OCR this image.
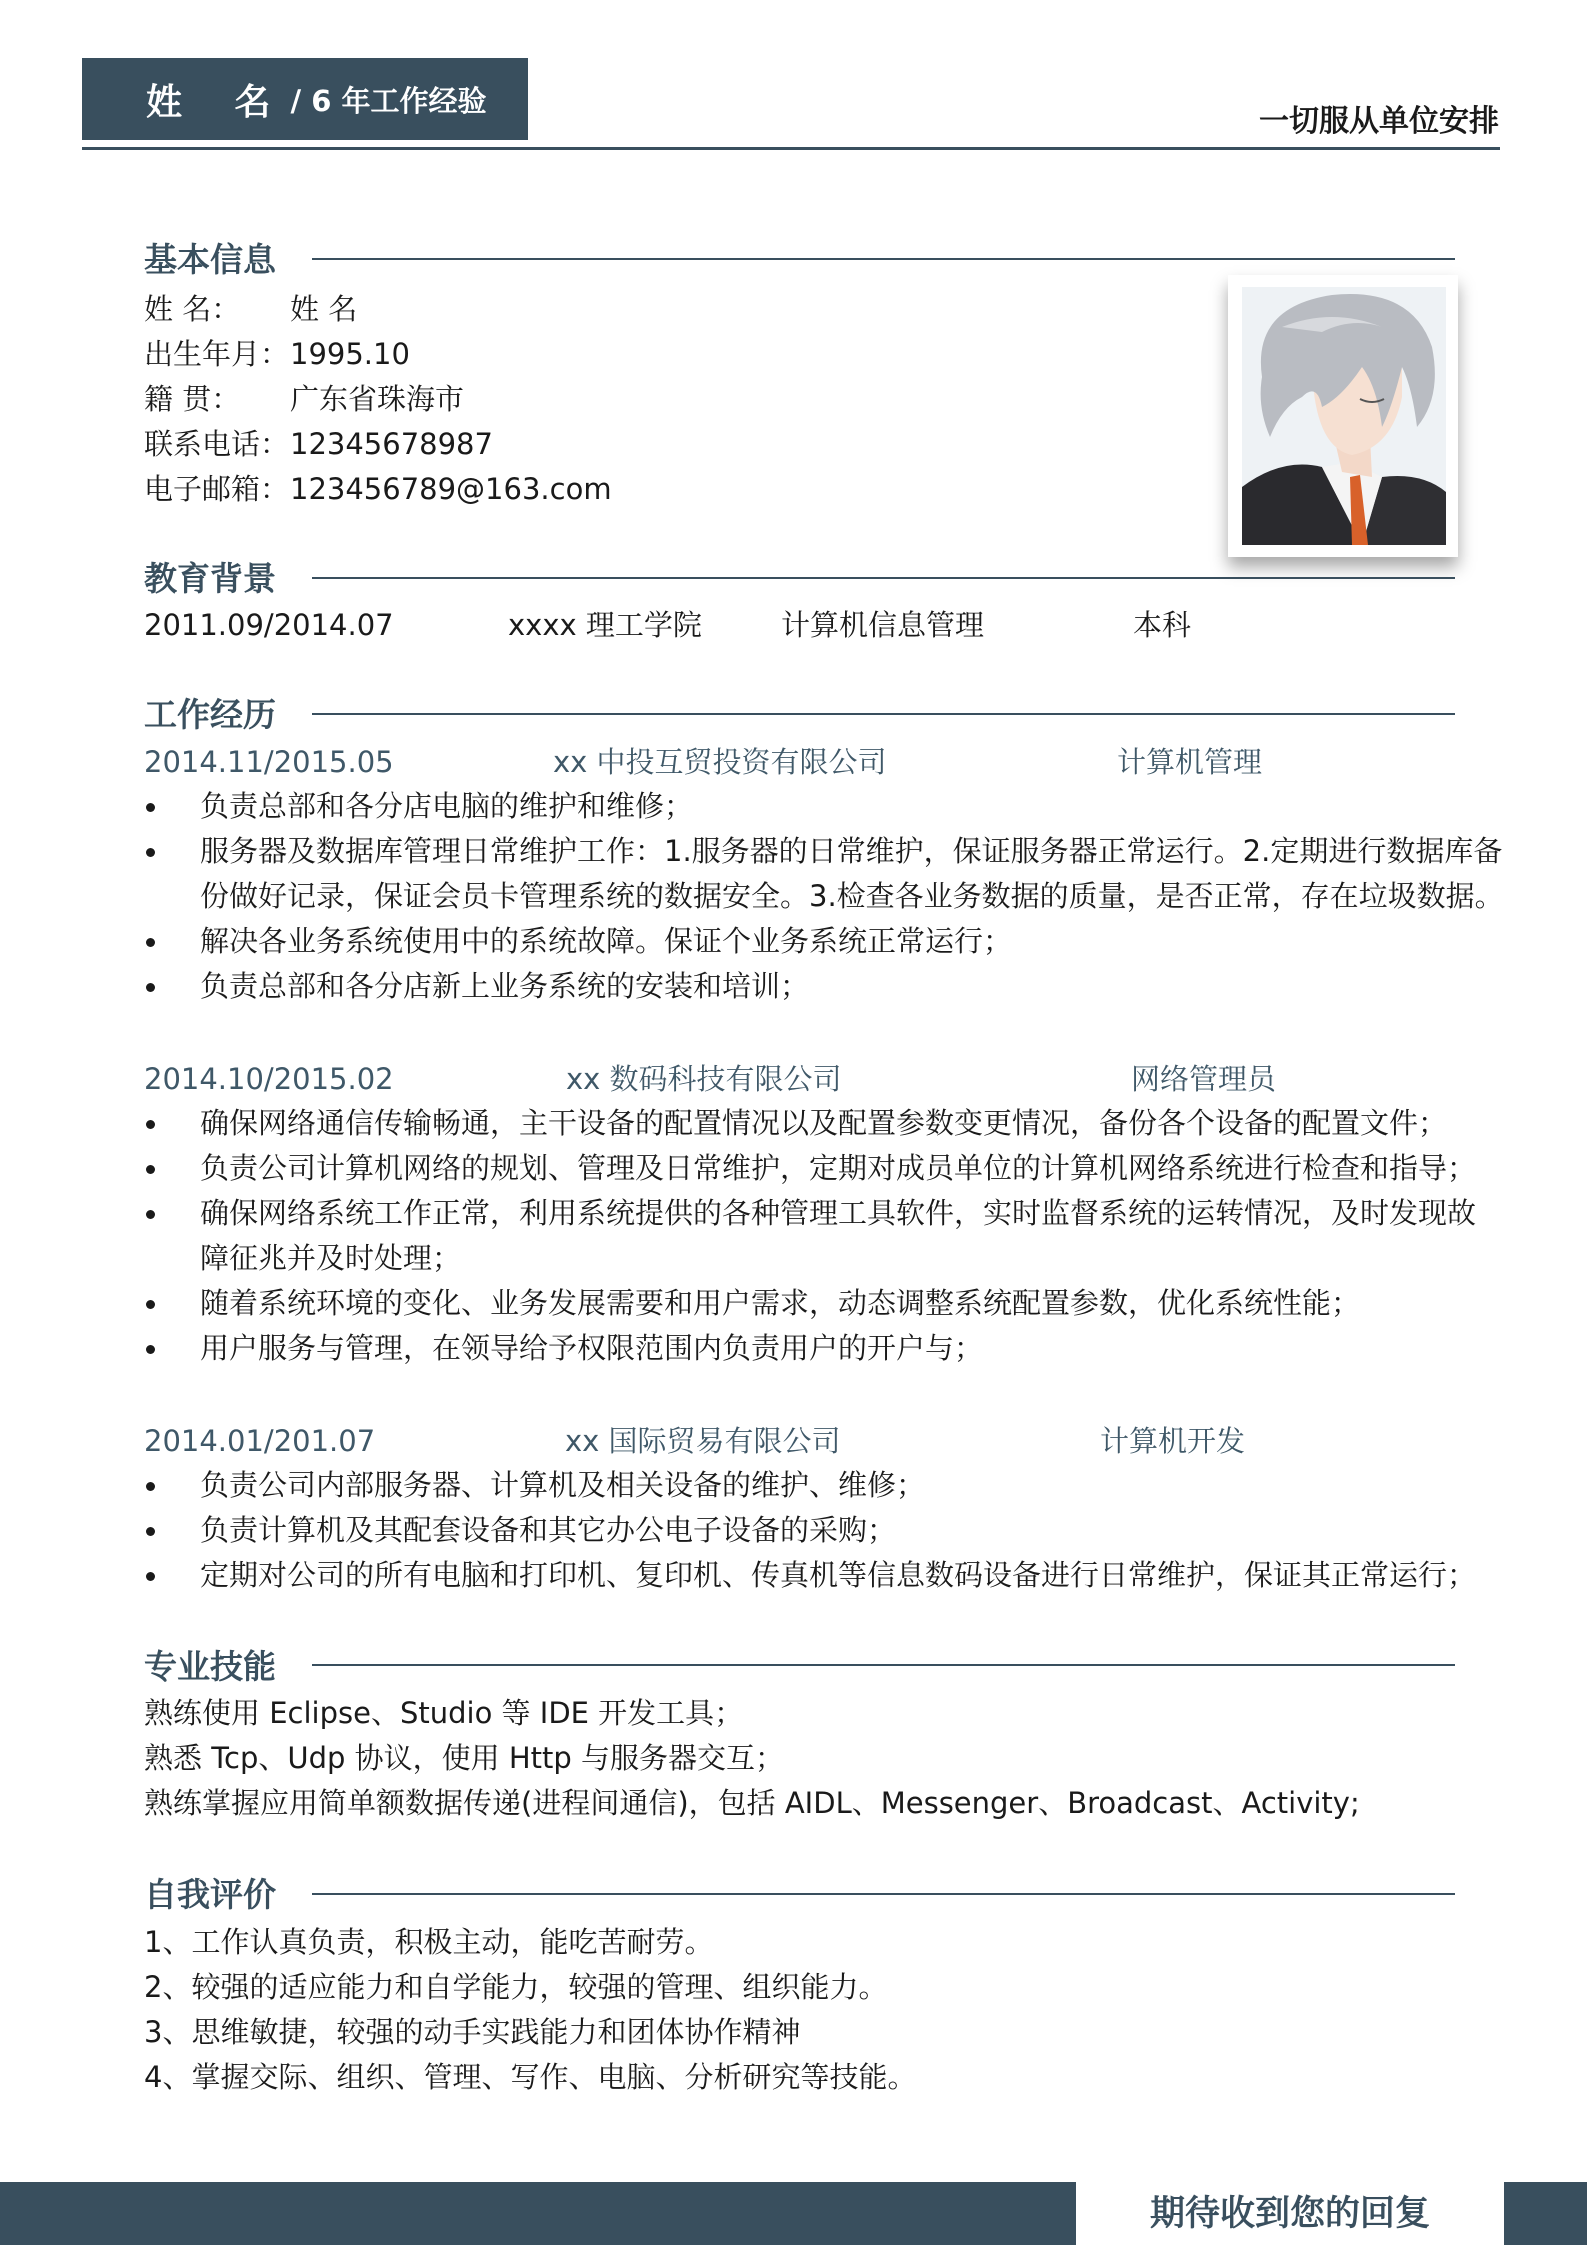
姓 名 / 6 年工作经验
一切服从单位安排
基本信息
姓 名： 姓 名
出生年月：1995.10
籍 贯： 广东省珠海市
联系电话：12345678987
电子邮箱：123456789@163.com
教育背景
2011.09/2014.07	xxxx 理工学院	计算机信息管理	本科
工作经历
2014.11/2015.05	xx 中投互贸投资有限公司	计算机管理
负责总部和各分店电脑的维护和维修；
服务器及数据库管理日常维护工作：1.服务器的日常维护，保证服务器正常运行。2.定期进行数据库备份做好记录，保证会员卡管理系统的数据安全。3.检查各业务数据的质量，是否正常，存在垃圾数据。
解决各业务系统使用中的系统故障。保证个业务系统正常运行；
负责总部和各分店新上业务系统的安装和培训；
2014.10/2015.02	xx 数码科技有限公司	网络管理员
确保网络通信传输畅通，主干设备的配置情况以及配置参数变更情况，备份各个设备的配置文件；
负责公司计算机网络的规划、管理及日常维护，定期对成员单位的计算机网络系统进行检查和指导；
确保网络系统工作正常，利用系统提供的各种管理工具软件，实时监督系统的运转情况，及时发现故障征兆并及时处理；
随着系统环境的变化、业务发展需要和用户需求，动态调整系统配置参数，优化系统性能；
用户服务与管理，在领导给予权限范围内负责用户的开户与；
2014.01/201.07	xx 国际贸易有限公司	计算机开发
负责公司内部服务器、计算机及相关设备的维护、维修；
负责计算机及其配套设备和其它办公电子设备的采购；
定期对公司的所有电脑和打印机、复印机、传真机等信息数码设备进行日常维护，保证其正常运行；
专业技能
熟练使用 Eclipse、Studio 等 IDE 开发工具；
熟悉 Tcp、Udp 协议，使用 Http 与服务器交互；
熟练掌握应用简单额数据传递(进程间通信)，包括 AIDL、Messenger、Broadcast、Activity;
自我评价
1、工作认真负责，积极主动，能吃苦耐劳。
2、较强的适应能力和自学能力，较强的管理、组织能力。
3、思维敏捷，较强的动手实践能力和团体协作精神
4、掌握交际、组织、管理、写作、电脑、分析研究等技能。
期待收到您的回复
